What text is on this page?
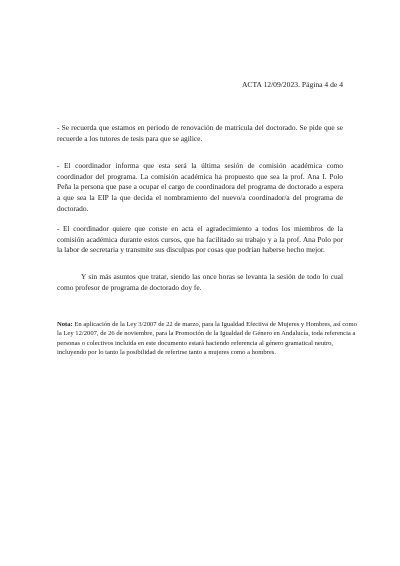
ACTA 12/09/2023. Página 4 de 4

- Se recuerda que estamos en periodo de renovación de matrícula del doctorado. Se pide que se recuerde a los tutores de tesis para que se agilice.

- El coordinador informa que esta será la última sesión de comisión académica como coordinador del programa. La comisión académica ha propuesto que sea la prof. Ana I. Polo Peña la persona que pase a ocupar el cargo de coordinadora del programa de doctorado a espera a que sea la EIP la que decida el nombramiento del nuevo/a coordinador/a del programa de doctorado.

- El coordinador quiere que conste en acta el agradecimiento a todos los miembros de la comisión académica durante estos cursos, que ha facilitado su trabajo y a la prof. Ana Polo por la labor de secretaria y transmite sus disculpas por cosas que podrían haberse hecho mejor.

Y sin más asuntos que tratar, siendo las once horas se levanta la sesión de todo lo cual como profesor de programa de doctorado doy fe.

Nota: En aplicación de la Ley 3/2007 de 22 de marzo, para la Igualdad Efectiva de Mujeres y Hombres, así como la Ley 12/2007, de 26 de noviembre, para la Promoción de la Igualdad de Género en Andalucía, toda referencia a personas o colectivos incluida en este documento estará haciendo referencia al género gramatical neutro, incluyendo por lo tanto la posibilidad de referirse tanto a mujeres como a hombres.
